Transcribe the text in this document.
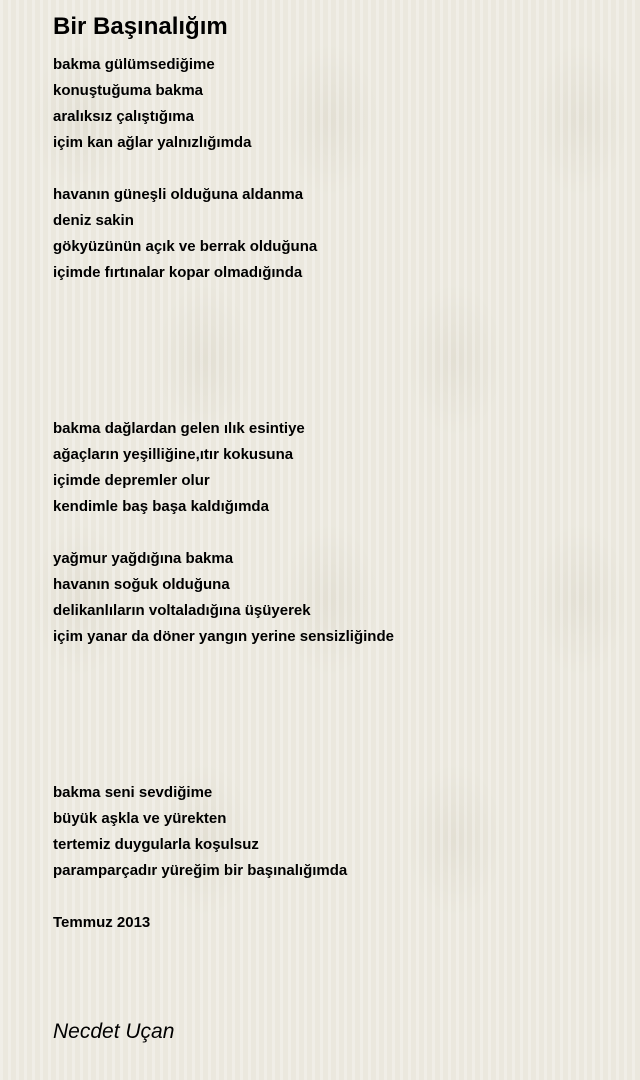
Bir Başınalığım
bakma gülümsediğime
konuştuğuma bakma
aralıksız çalıştığıma
içim kan ağlar yalnızlığımda
havanın güneşli olduğuna aldanma
deniz sakin
gökyüzünün açık ve berrak olduğuna
içimde fırtınalar kopar olmadığında
bakma dağlardan gelen ılık esintiye
ağaçların yeşilliğine,ıtır kokusuna
içimde depremler olur
kendimle baş başa kaldığımda
yağmur yağdığına bakma
havanın soğuk olduğuna
delikanlıların voltaladığına üşüyerek
içim yanar da döner yangın yerine sensizliğinde
bakma seni sevdiğime
büyük aşkla ve yürekten
tertemiz duygularla koşulsuz
paramparçadır yüreğim bir başınalığımda
Temmuz 2013
Necdet Uçan
